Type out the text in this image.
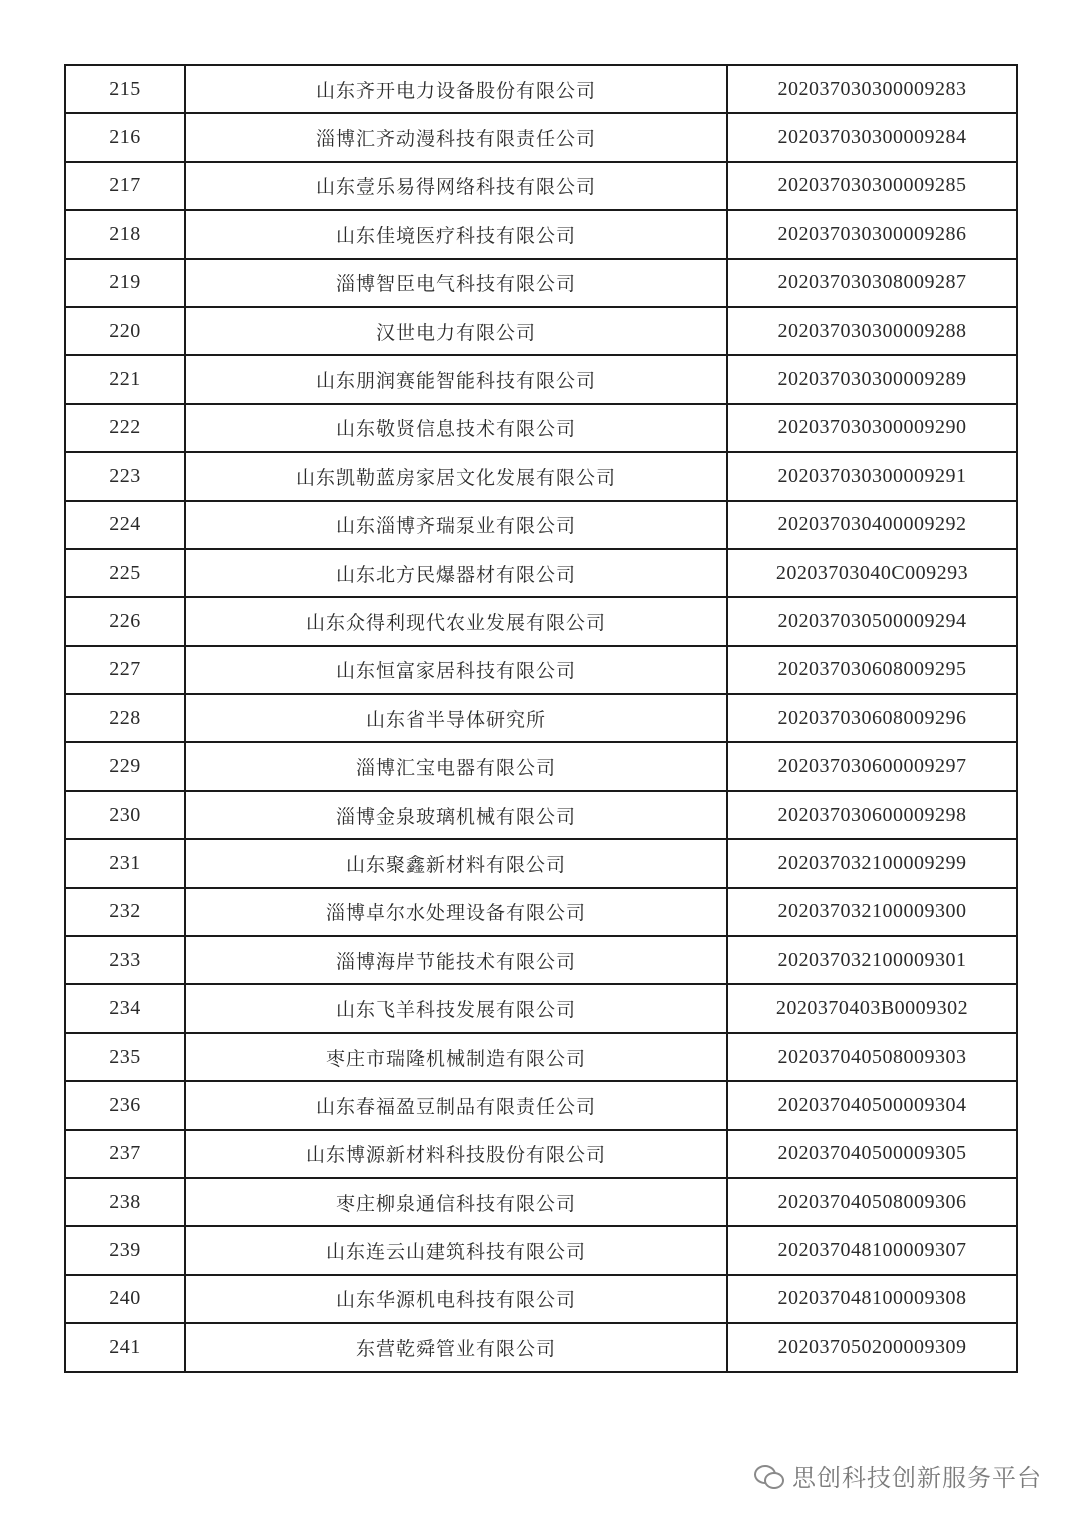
215	山东齐开电力设备股份有限公司	202037030300009283
216	淄博汇齐动漫科技有限责任公司	202037030300009284
217	山东壹乐易得网络科技有限公司	202037030300009285
218	山东佳境医疗科技有限公司	202037030300009286
219	淄博智臣电气科技有限公司	202037030308009287
220	汉世电力有限公司	202037030300009288
221	山东朋润赛能智能科技有限公司	202037030300009289
222	山东敬贤信息技术有限公司	202037030300009290
223	山东凯勒蓝房家居文化发展有限公司	202037030300009291
224	山东淄博齐瑞泵业有限公司	202037030400009292
225	山东北方民爆器材有限公司	20203703040C009293
226	山东众得利现代农业发展有限公司	202037030500009294
227	山东恒富家居科技有限公司	202037030608009295
228	山东省半导体研究所	202037030608009296
229	淄博汇宝电器有限公司	202037030600009297
230	淄博金泉玻璃机械有限公司	202037030600009298
231	山东聚鑫新材料有限公司	202037032100009299
232	淄博卓尔水处理设备有限公司	202037032100009300
233	淄博海岸节能技术有限公司	202037032100009301
234	山东飞羊科技发展有限公司	2020370403B0009302
235	枣庄市瑞隆机械制造有限公司	202037040508009303
236	山东春福盈豆制品有限责任公司	202037040500009304
237	山东博源新材料科技股份有限公司	202037040500009305
238	枣庄柳泉通信科技有限公司	202037040508009306
239	山东连云山建筑科技有限公司	202037048100009307
240	山东华源机电科技有限公司	202037048100009308
241	东营乾舜管业有限公司	202037050200009309
思创科技创新服务平台
